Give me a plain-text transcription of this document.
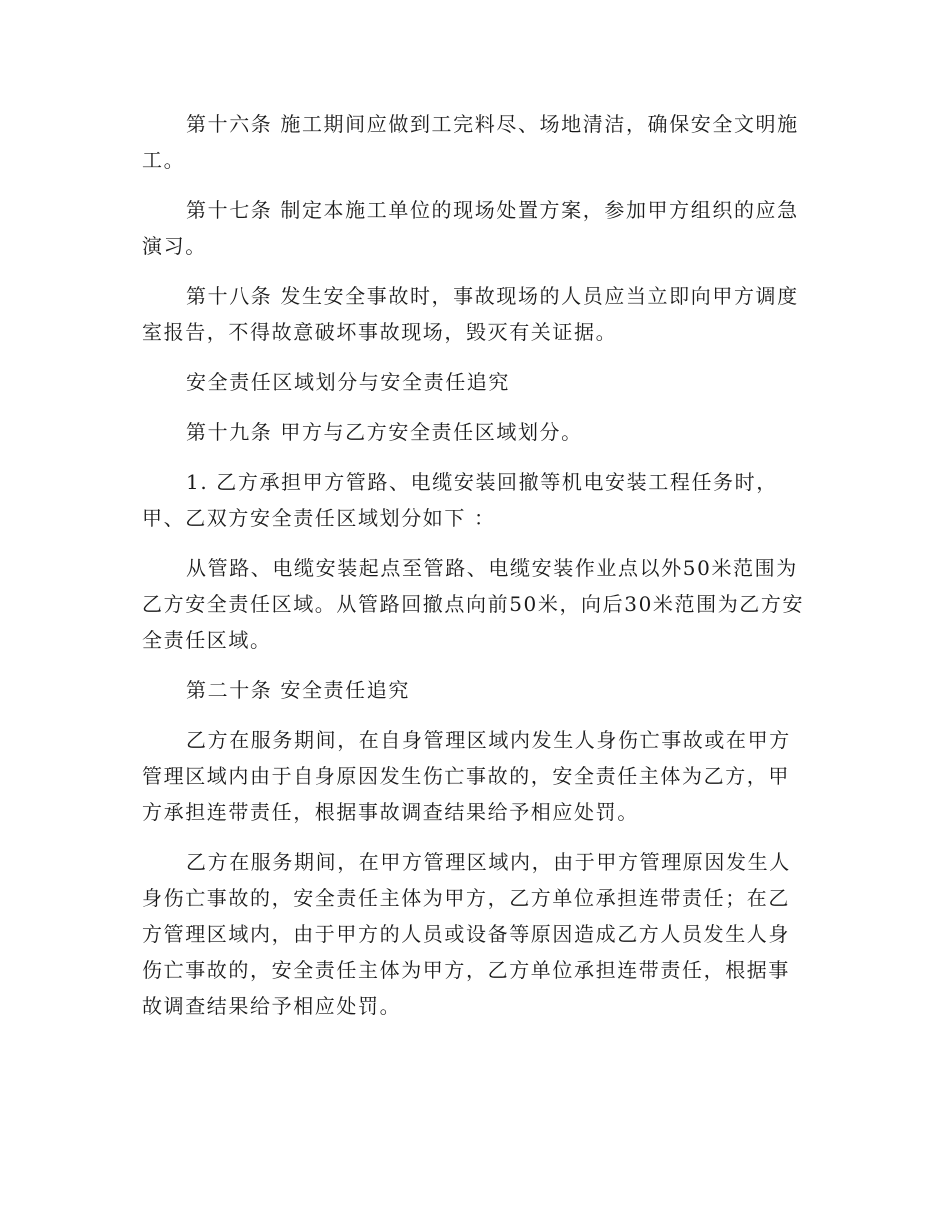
第十六条 施工期间应做到工完料尽、场地清洁，确保安全文明施
工。

第十七条 制定本施工单位的现场处置方案，参加甲方组织的应急
演习。

第十八条 发生安全事故时，事故现场的人员应当立即向甲方调度
室报告，不得故意破坏事故现场，毁灭有关证据。

安全责任区域划分与安全责任追究

第十九条 甲方与乙方安全责任区域划分。

1. 乙方承担甲方管路、电缆安装回撤等机电安装工程任务时，
甲、乙双方安全责任区域划分如下 ：

从管路、电缆安装起点至管路、电缆安装作业点以外50米范围为
乙方安全责任区域。从管路回撤点向前50米，向后30米范围为乙方安
全责任区域。

第二十条 安全责任追究

乙方在服务期间，在自身管理区域内发生人身伤亡事故或在甲方
管理区域内由于自身原因发生伤亡事故的，安全责任主体为乙方，甲
方承担连带责任，根据事故调查结果给予相应处罚。

乙方在服务期间，在甲方管理区域内，由于甲方管理原因发生人
身伤亡事故的，安全责任主体为甲方，乙方单位承担连带责任；在乙
方管理区域内，由于甲方的人员或设备等原因造成乙方人员发生人身
伤亡事故的，安全责任主体为甲方，乙方单位承担连带责任，根据事
故调查结果给予相应处罚。
